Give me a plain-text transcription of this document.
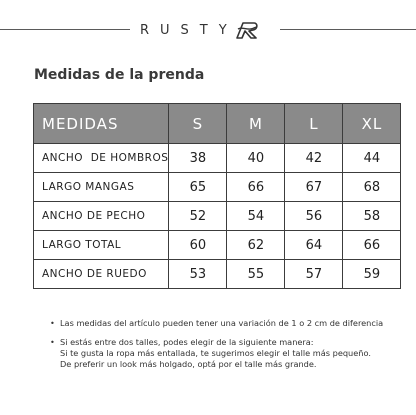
RUSTY
Medidas de la prenda
MEDIDAS	S	M	L	XL
ANCHO  DE HOMBROS	38	40	42	44
LARGO MANGAS	65	66	67	68
ANCHO DE PECHO	52	54	56	58
LARGO TOTAL	60	62	64	66
ANCHO DE RUEDO	53	55	57	59
• Las medidas del artículo pueden tener una variación de 1 o 2 cm de diferencia
• Si estás entre dos talles, podes elegir de la siguiente manera:
Si te gusta la ropa más entallada, te sugerimos elegir el talle más pequeño.
De preferir un look más holgado, optá por el talle más grande.
